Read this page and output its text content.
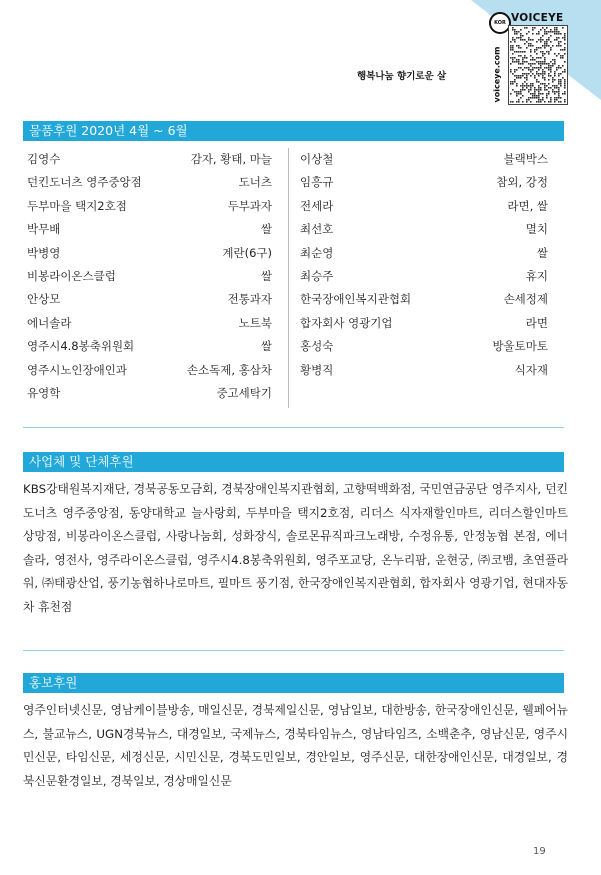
KOR VOICEYE
voiceye.com
행복나눔 향기로운 살
물품후원 2020년 4월 ~ 6월
김영수	감자, 황태, 마늘
던킨도너츠 영주중앙점	도너츠
두부마을 택지2호점	두부과자
박무배	쌀
박병영	계란(6구)
비봉라이온스클럽	쌀
안상모	전통과자
에너솔라	노트북
영주시4.8봉축위원회	쌀
영주시노인장애인과	손소독제, 홍삼차
유영학	중고세탁기
이상철	블랙박스
임흥규	참외, 강정
전세라	라면, 쌀
최선호	멸치
최순영	쌀
최승주	휴지
한국장애인복지관협회	손세정제
합자회사 영광기업	라면
홍성숙	방울토마토
황병직	식자재
사업체 및 단체후원
KBS강태원복지재단, 경북공동모금회, 경북장애인복지관협회, 고향떡백화점, 국민연금공단 영주지사, 던킨도너츠 영주중앙점, 동양대학교 늘사랑회, 두부마을 택지2호점, 리더스 식자재할인마트, 리더스할인마트 상망점, 비봉라이온스클럽, 사랑나눔회, 성화장식, 솔로몬뮤직파크노래방, 수정유통, 안정농협 본점, 에너솔라, 영전사, 영주라이온스클럽, 영주시4.8봉축위원회, 영주포교당, 온누리팜, 운현궁, ㈜코뱀, 초연플라워, ㈜태광산업, 풍기농협하나로마트, 필마트 풍기점, 한국장애인복지관협회, 합자회사 영광기업, 현대자동차 휴천점
홍보후원
영주인터넷신문, 영남케이블방송, 매일신문, 경북제일신문, 영남일보, 대한방송, 한국장애인신문, 웰페어뉴스, 불교뉴스, UGN경북뉴스, 대경일보, 국제뉴스, 경북타임뉴스, 영남타임즈, 소백춘추, 영남신문, 영주시민신문, 타임신문, 세정신문, 시민신문, 경북도민일보, 경안일보, 영주신문, 대한장애인신문, 대경일보, 경북신문환경일보, 경북일보, 경상매일신문
19
